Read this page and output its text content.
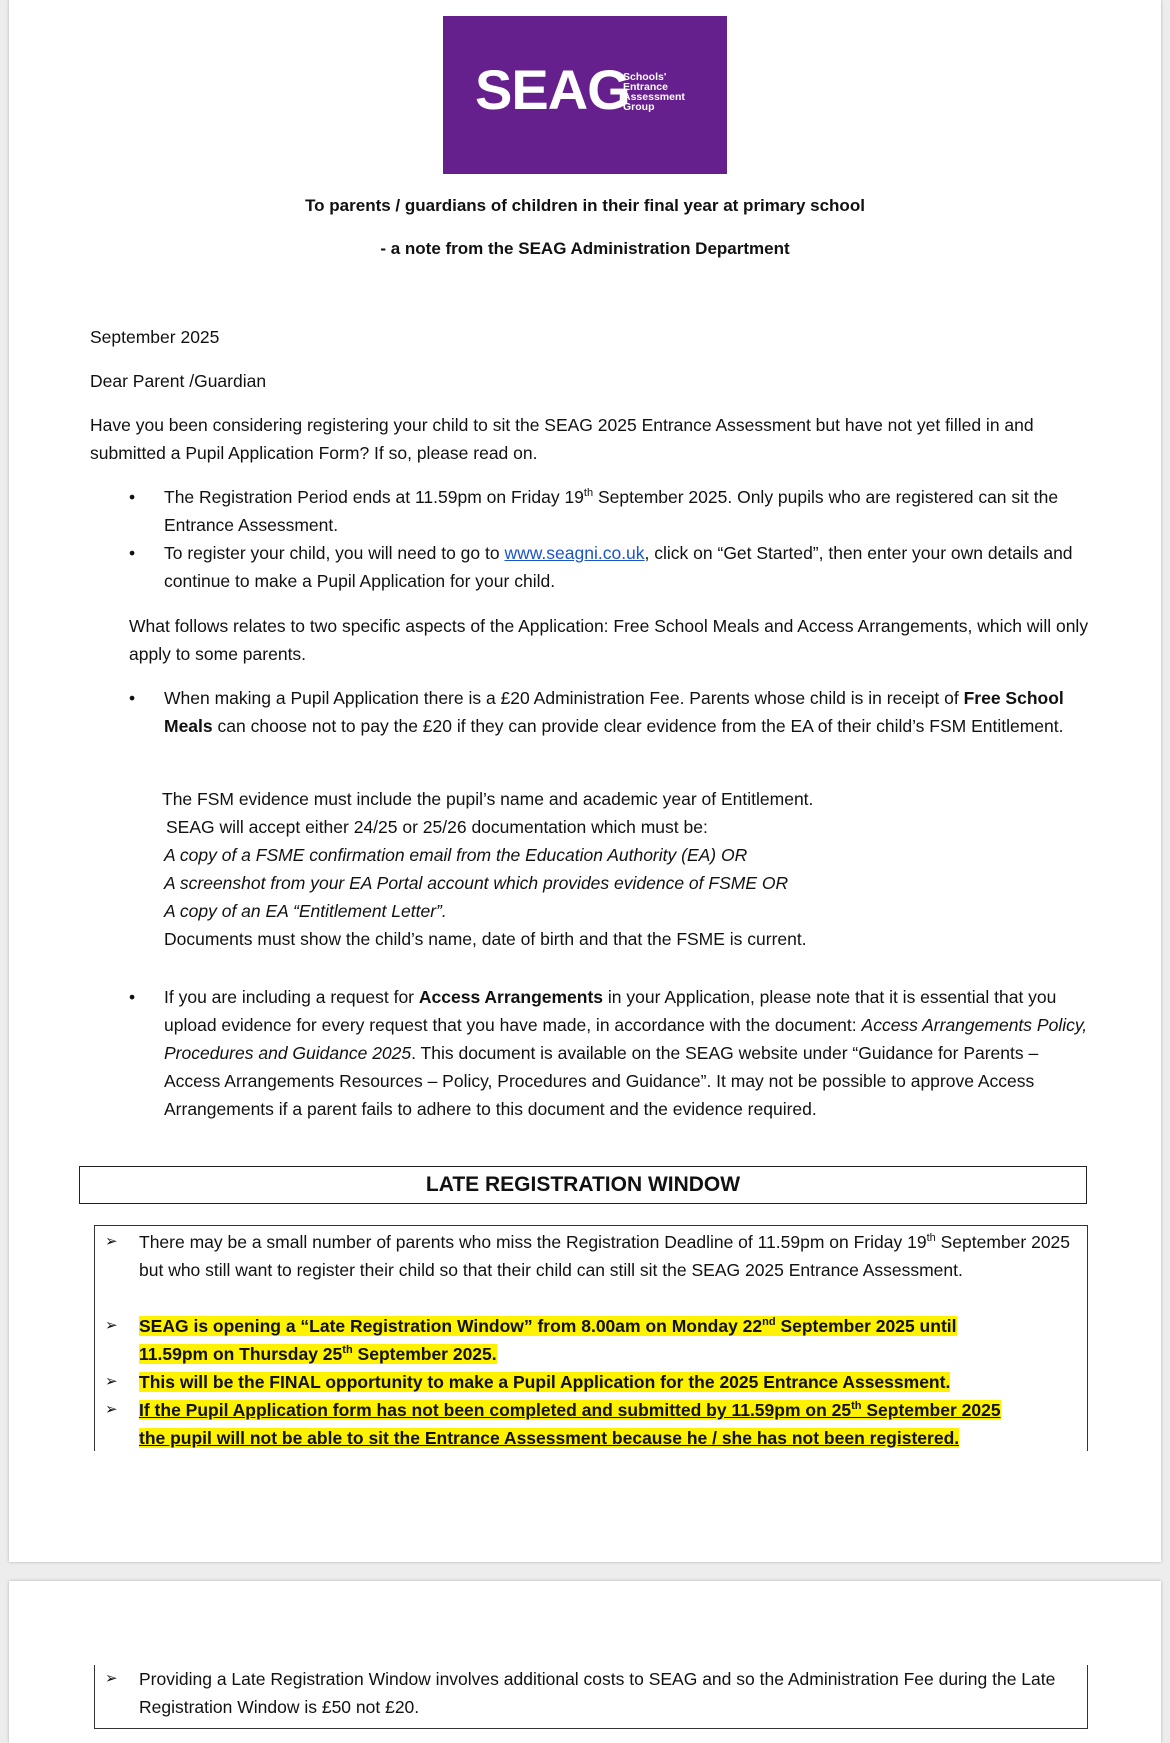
SEAG
Schools'
Entrance
Assessment
Group
To parents / guardians of children in their final year at primary school
- a note from the SEAG Administration Department
September 2025
Dear Parent /Guardian
Have you been considering registering your child to sit the SEAG 2025 Entrance Assessment but have not yet filled in and submitted a Pupil Application Form? If so, please read on.
• The Registration Period ends at 11.59pm on Friday 19th September 2025. Only pupils who are registered can sit the Entrance Assessment.
• To register your child, you will need to go to www.seagni.co.uk, click on “Get Started”, then enter your own details and continue to make a Pupil Application for your child.
What follows relates to two specific aspects of the Application: Free School Meals and Access Arrangements, which will only apply to some parents.
• When making a Pupil Application there is a £20 Administration Fee. Parents whose child is in receipt of Free School Meals can choose not to pay the £20 if they can provide clear evidence from the EA of their child’s FSM Entitlement.
The FSM evidence must include the pupil’s name and academic year of Entitlement.
SEAG will accept either 24/25 or 25/26 documentation which must be:
A copy of a FSME confirmation email from the Education Authority (EA) OR
A screenshot from your EA Portal account which provides evidence of FSME OR
A copy of an EA “Entitlement Letter”.
Documents must show the child’s name, date of birth and that the FSME is current.
• If you are including a request for Access Arrangements in your Application, please note that it is essential that you upload evidence for every request that you have made, in accordance with the document: Access Arrangements Policy, Procedures and Guidance 2025. This document is available on the SEAG website under “Guidance for Parents – Access Arrangements Resources – Policy, Procedures and Guidance”. It may not be possible to approve Access Arrangements if a parent fails to adhere to this document and the evidence required.
LATE REGISTRATION WINDOW
➢ There may be a small number of parents who miss the Registration Deadline of 11.59pm on Friday 19th September 2025 but who still want to register their child so that their child can still sit the SEAG 2025 Entrance Assessment.
➢ SEAG is opening a “Late Registration Window” from 8.00am on Monday 22nd September 2025 until
11.59pm on Thursday 25th September 2025.
➢ This will be the FINAL opportunity to make a Pupil Application for the 2025 Entrance Assessment.
➢ If the Pupil Application form has not been completed and submitted by 11.59pm on 25th September 2025
the pupil will not be able to sit the Entrance Assessment because he / she has not been registered.
➢ Providing a Late Registration Window involves additional costs to SEAG and so the Administration Fee during the Late Registration Window is £50 not £20.
